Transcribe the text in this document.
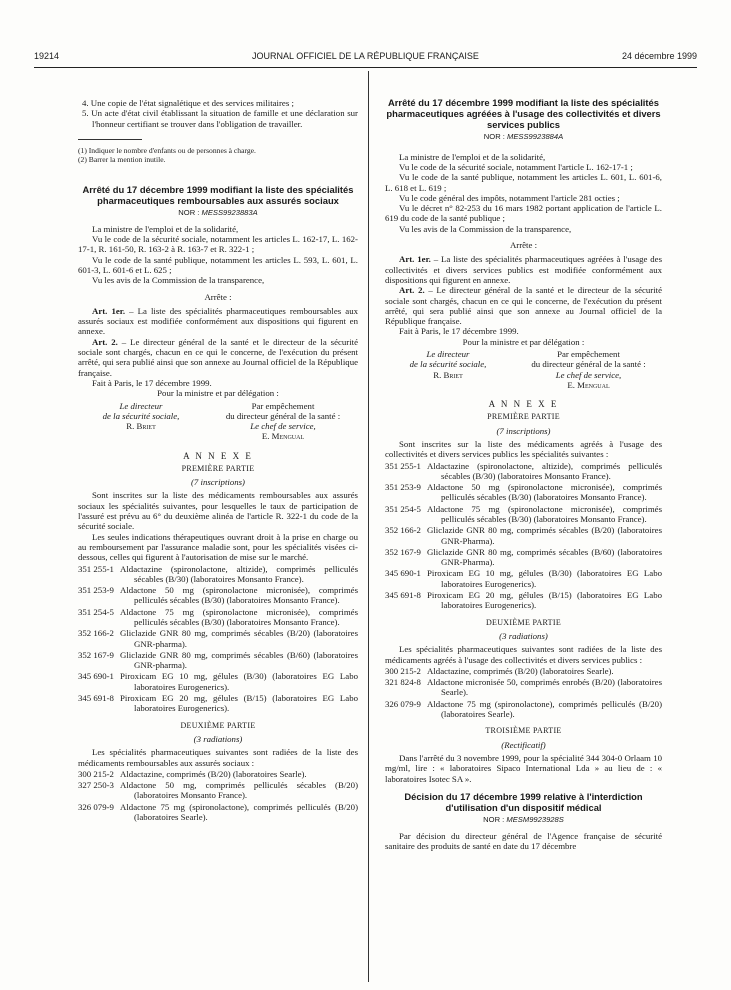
19214	JOURNAL OFFICIEL DE LA RÉPUBLIQUE FRANÇAISE	24 décembre 1999

4. Une copie de l'état signalétique et des services militaires ;

5. Un acte d'état civil établissant la situation de famille et une déclaration sur l'honneur certifiant se trouver dans l'obligation de travailler.

(1) Indiquer le nombre d'enfants ou de personnes à charge.

(2) Barrer la mention inutile.

Arrêté du 17 décembre 1999 modifiant la liste des spécialités pharmaceutiques remboursables aux assurés sociaux
NOR : MESS9923883A

La ministre de l'emploi et de la solidarité,

Vu le code de la sécurité sociale, notamment les articles L. 162-17, L. 162-17-1, R. 161-50, R. 163-2 à R. 163-7 et R. 322-1 ;

Vu le code de la santé publique, notamment les articles L. 593, L. 601, L. 601-3, L. 601-6 et L. 625 ;

Vu les avis de la Commission de la transparence,

Arrête :

Art. 1er. – La liste des spécialités pharmaceutiques remboursables aux assurés sociaux est modifiée conformément aux dispositions qui figurent en annexe.

Art. 2. – Le directeur général de la santé et le directeur de la sécurité sociale sont chargés, chacun en ce qui le concerne, de l'exécution du présent arrêté, qui sera publié ainsi que son annexe au Journal officiel de la République française.

Fait à Paris, le 17 décembre 1999.

Pour la ministre et par délégation :

Le directeur
de la sécurité sociale,
R. Briet
Par empêchement
du directeur général de la santé :
Le chef de service,
E. Mengual
A N N E X E
PREMIÈRE PARTIE
(7 inscriptions)

Sont inscrites sur la liste des médicaments remboursables aux assurés sociaux les spécialités suivantes, pour lesquelles le taux de participation de l'assuré est prévu au 6° du deuxième alinéa de l'article R. 322-1 du code de la sécurité sociale.

Les seules indications thérapeutiques ouvrant droit à la prise en charge ou au remboursement par l'assurance maladie sont, pour les spécialités visées ci-dessous, celles qui figurent à l'autorisation de mise sur le marché.

351 255-1 Aldactazine (spironolactone, altizide), comprimés pelliculés sécables (B/30) (laboratoires Monsanto France).
351 253-9 Aldactone 50 mg (spironolactone micronisée), comprimés pelliculés sécables (B/30) (laboratoires Monsanto France).
351 254-5 Aldactone 75 mg (spironolactone micronisée), comprimés pelliculés sécables (B/30) (laboratoires Monsanto France).
352 166-2 Gliclazide GNR 80 mg, comprimés sécables (B/20) (laboratoires GNR-pharma).
352 167-9 Gliclazide GNR 80 mg, comprimés sécables (B/60) (laboratoires GNR-pharma).
345 690-1 Piroxicam EG 10 mg, gélules (B/30) (laboratoires EG Labo laboratoires Eurogenerics).
345 691-8 Piroxicam EG 20 mg, gélules (B/15) (laboratoires EG Labo laboratoires Eurogenerics).
DEUXIÈME PARTIE
(3 radiations)

Les spécialités pharmaceutiques suivantes sont radiées de la liste des médicaments remboursables aux assurés sociaux :

300 215-2 Aldactazine, comprimés (B/20) (laboratoires Searle).
327 250-3 Aldactone 50 mg, comprimés pelliculés sécables (B/20) (laboratoires Monsanto France).
326 079-9 Aldactone 75 mg (spironolactone), comprimés pelliculés (B/20) (laboratoires Searle).
Arrêté du 17 décembre 1999 modifiant la liste des spécialités pharmaceutiques agréées à l'usage des collectivités et divers services publics
NOR : MESS9923884A

La ministre de l'emploi et de la solidarité,

Vu le code de la sécurité sociale, notamment l'article L. 162-17-1 ;

Vu le code de la santé publique, notamment les articles L. 601, L. 601-6, L. 618 et L. 619 ;

Vu le code général des impôts, notamment l'article 281 octies ;

Vu le décret n° 82-253 du 16 mars 1982 portant application de l'article L. 619 du code de la santé publique ;

Vu les avis de la Commission de la transparence,

Arrête :

Art. 1er. – La liste des spécialités pharmaceutiques agréées à l'usage des collectivités et divers services publics est modifiée conformément aux dispositions qui figurent en annexe.

Art. 2. – Le directeur général de la santé et le directeur de la sécurité sociale sont chargés, chacun en ce qui le concerne, de l'exécution du présent arrêté, qui sera publié ainsi que son annexe au Journal officiel de la République française.

Fait à Paris, le 17 décembre 1999.

Pour la ministre et par délégation :

Le directeur
de la sécurité sociale,
R. Briet
Par empêchement
du directeur général de la santé :
Le chef de service,
E. Mengual
A N N E X E
PREMIÈRE PARTIE
(7 inscriptions)

Sont inscrites sur la liste des médicaments agréés à l'usage des collectivités et divers services publics les spécialités suivantes :

351 255-1 Aldactazine (spironolactone, altizide), comprimés pelliculés sécables (B/30) (laboratoires Monsanto France).
351 253-9 Aldactone 50 mg (spironolactone micronisée), comprimés pelliculés sécables (B/30) (laboratoires Monsanto France).
351 254-5 Aldactone 75 mg (spironolactone micronisée), comprimés pelliculés sécables (B/30) (laboratoires Monsanto France).
352 166-2 Gliclazide GNR 80 mg, comprimés sécables (B/20) (laboratoires GNR-Pharma).
352 167-9 Gliclazide GNR 80 mg, comprimés sécables (B/60) (laboratoires GNR-Pharma).
345 690-1 Piroxicam EG 10 mg, gélules (B/30) (laboratoires EG Labo laboratoires Eurogenerics).
345 691-8 Piroxicam EG 20 mg, gélules (B/15) (laboratoires EG Labo laboratoires Eurogenerics).
DEUXIÈME PARTIE
(3 radiations)

Les spécialités pharmaceutiques suivantes sont radiées de la liste des médicaments agréés à l'usage des collectivités et divers services publics :

300 215-2 Aldactazine, comprimés (B/20) (laboratoires Searle).
321 824-8 Aldactone micronisée 50, comprimés enrobés (B/20) (laboratoires Searle).
326 079-9 Aldactone 75 mg (spironolactone), comprimés pelliculés (B/20) (laboratoires Searle).
TROISIÈME PARTIE
(Rectificatif)

Dans l'arrêté du 3 novembre 1999, pour la spécialité 344 304-0 Orlaam 10 mg/ml, lire : « laboratoires Sipaco International Lda » au lieu de : « laboratoires Isotec SA ».

Décision du 17 décembre 1999 relative à l'interdiction d'utilisation d'un dispositif médical
NOR : MESM9923928S

Par décision du directeur général de l'Agence française de sécurité sanitaire des produits de santé en date du 17 décembre
